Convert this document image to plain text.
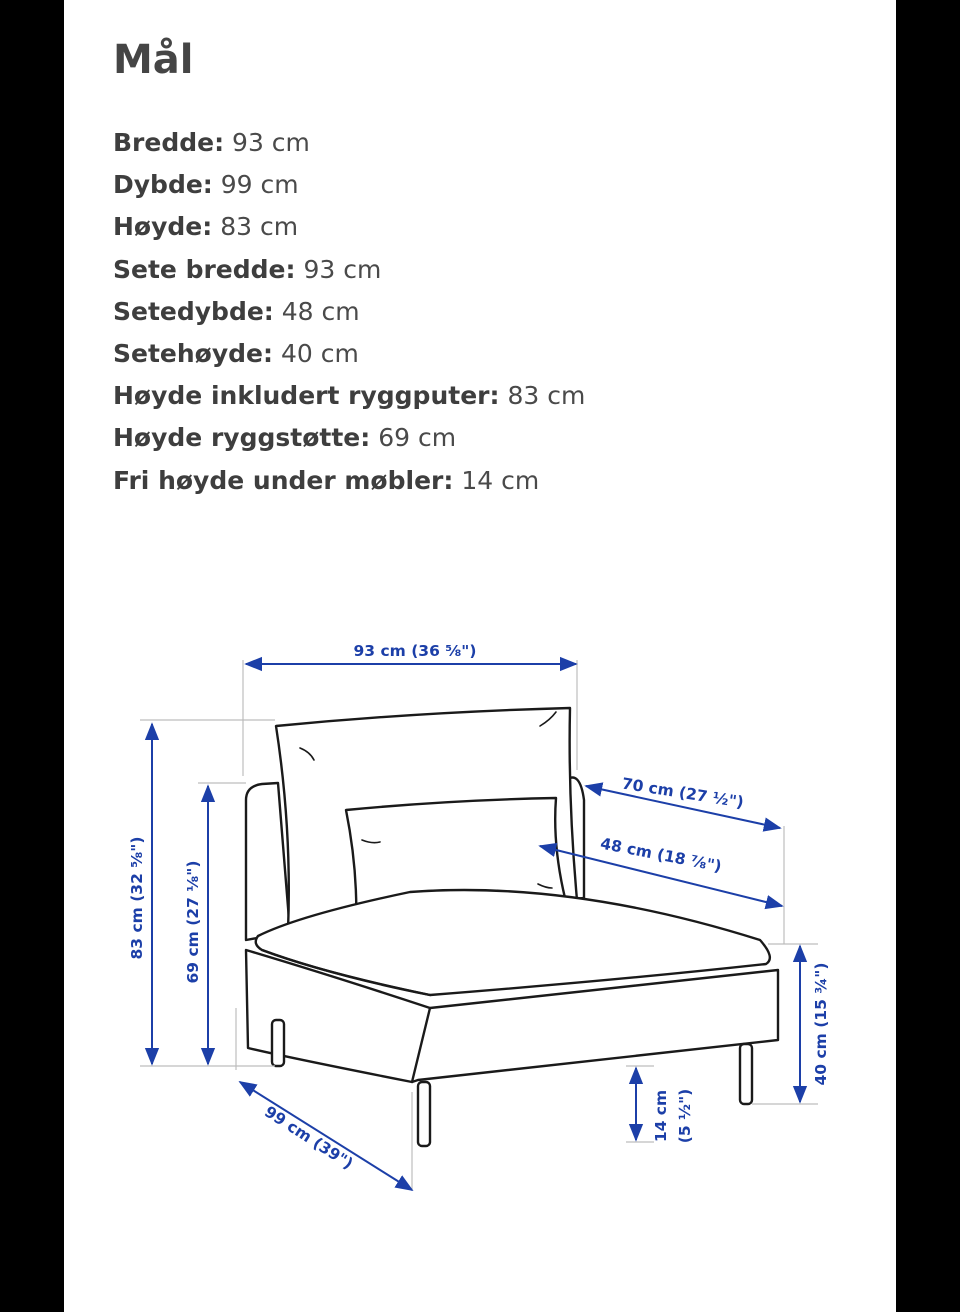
Mål
Bredde: 93 cm
Dybde: 99 cm
Høyde: 83 cm
Sete bredde: 93 cm
Setedybde: 48 cm
Setehøyde: 40 cm
Høyde inkludert ryggputer: 83 cm
Høyde ryggstøtte: 69 cm
Fri høyde under møbler: 14 cm
93 cm (36 ⅝")
83 cm (32 ⅝") 69 cm (27 ⅛")
99 cm (39")
70 cm (27 ½")
48 cm (18 ⅞")
40 cm (15 ¾")
14 cm (5 ½")
